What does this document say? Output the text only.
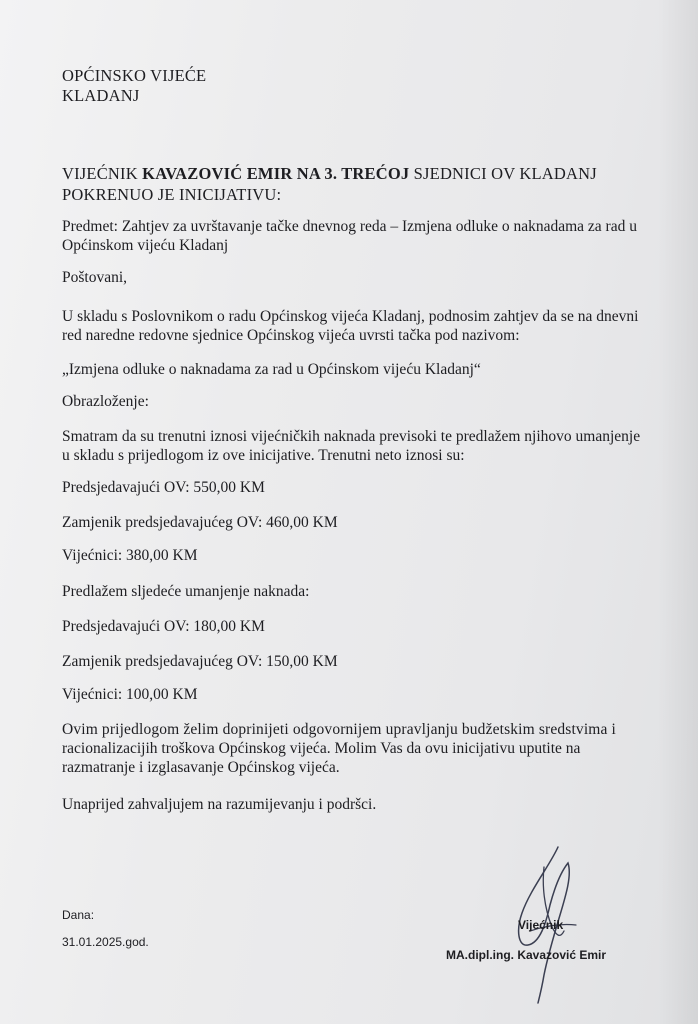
OPĆINSKO VIJEĆE
KLADANJ
VIJEĆNIK KAVAZOVIĆ EMIR NA 3. TREĆOJ SJEDNICI OV KLADANJ
POKRENUO JE INICIJATIVU:
Predmet: Zahtjev za uvrštavanje tačke dnevnog reda – Izmjena odluke o naknadama za rad u
Općinskom vijeću Kladanj
Poštovani,
U skladu s Poslovnikom o radu Općinskog vijeća Kladanj, podnosim zahtjev da se na dnevni
red naredne redovne sjednice Općinskog vijeća uvrsti tačka pod nazivom:
„Izmjena odluke o naknadama za rad u Općinskom vijeću Kladanj“
Obrazloženje:
Smatram da su trenutni iznosi vijećničkih naknada previsoki te predlažem njihovo umanjenje
u skladu s prijedlogom iz ove inicijative. Trenutni neto iznosi su:
Predsjedavajući OV: 550,00 KM
Zamjenik predsjedavajućeg OV: 460,00 KM
Vijećnici: 380,00 KM
Predlažem sljedeće umanjenje naknada:
Predsjedavajući OV: 180,00 KM
Zamjenik predsjedavajućeg OV: 150,00 KM
Vijećnici: 100,00 KM
Ovim prijedlogom želim doprinijeti odgovornijem upravljanju budžetskim sredstvima i
racionalizacijih troškova Općinskog vijeća. Molim Vas da ovu inicijativu uputite na
razmatranje i izglasavanje Općinskog vijeća.
Unaprijed zahvaljujem na razumijevanju i podršci.
Dana:
31.01.2025.god.
Vijećnik
MA.dipl.ing. Kavazović Emir
